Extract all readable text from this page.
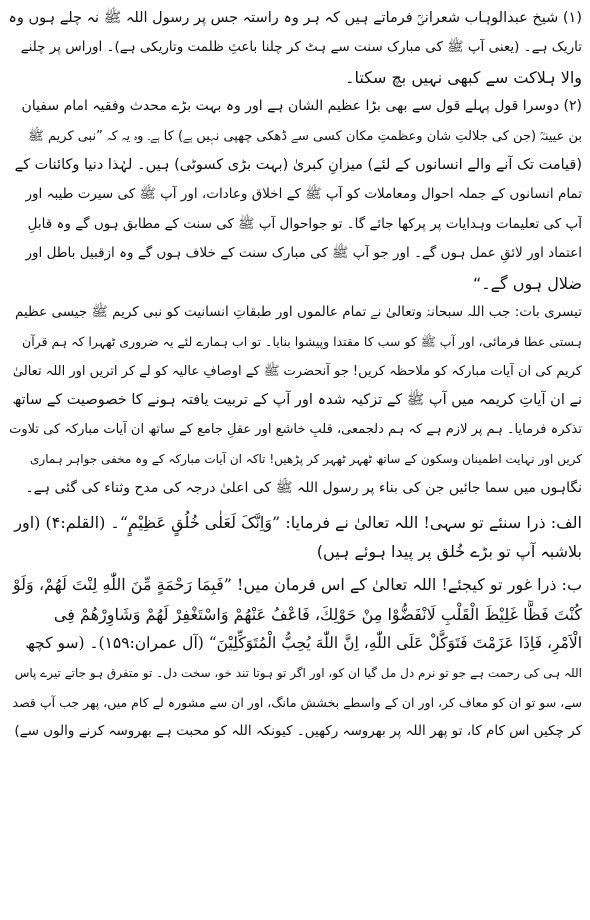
(۱) شیخ عبدالوہاب شعرانیؒ فرماتے ہیں کہ ہر وہ راستہ جس پر رسول اللہ ﷺ نہ چلے ہوں وہ
تاریک ہے۔ (یعنی آپ ﷺ کی مبارک سنت سے ہٹ کر چلنا باعثِ ظلمت وتاریکی ہے)۔ اوراس پر چلنے
والا ہلاکت سے کبھی نہیں بچ سکتا۔
(۲) دوسرا قول پہلے قول سے بھی بڑا عظیم الشان ہے اور وہ بہت بڑے محدث وفقیہ امام سفیان
بن عیینہؒ (جن کی جلالتِ شان وعظمتِ مکان کسی سے ڈھکی چھپی نہیں ہے) کا ہے۔ وہ یہ کہ ”نبی کریم ﷺ
(قیامت تک آنے والے انسانوں کے لئے) میزانِ کبریٰ (بہت بڑی کسوٹی) ہیں۔ لہٰذا دنیا وکائنات کے
تمام انسانوں کے جملہ احوال ومعاملات کو آپ ﷺ کے اخلاق وعادات، اور آپ ﷺ کی سیرت طیبہ اور
آپ کی تعلیمات وہدایات پر پرکھا جائے گا۔ تو جواحوال آپ ﷺ کی سنت کے مطابق ہوں گے وہ قابلِ
اعتماد اور لائقِ عمل ہوں گے۔ اور جو آپ ﷺ کی مبارک سنت کے خلاف ہوں گے وہ ازقبیل باطل اور
ضلال ہوں گے۔“
تیسری بات: جب اللہ سبحانہٗ وتعالیٰ نے تمام عالموں اور طبقاتِ انسانیت کو نبی کریم ﷺ جیسی عظیم
ہستی عطا فرمائی، اور آپ ﷺ کو سب کا مقتدا وپیشوا بنایا۔ تو اب ہمارے لئے یہ ضروری ٹھہرا کہ ہم قرآن
کریم کی ان آیات مبارکہ کو ملاحظہ کریں! جو آنحضرت ﷺ کے اوصافِ عالیہ کو لے کر اتریں اور اللہ تعالیٰ
نے ان آیاتِ کریمہ میں آپ ﷺ کے تزکیہ شدہ اور آپ کے تربیت یافتہ ہونے کا خصوصیت کے ساتھ
تذکرہ فرمایا۔ ہم پر لازم ہے کہ ہم دلجمعی، قلبِ خاشع اور عقلِ جامع کے ساتھ ان آیات مبارکہ کی تلاوت
کریں اور نہایت اطمینان وسکون کے ساتھ ٹھہر ٹھہر کر پڑھیں! تاکہ ان آیات مبارکہ کے وہ مخفی جواہر ہماری
نگاہوں میں سما جائیں جن کی بناء پر رسول اللہ ﷺ کی اعلیٰ درجہ کی مدح وثناء کی گئی ہے۔
الف: ذرا سنئے تو سہی! اللہ تعالیٰ نے فرمایا: ”وَاِنَّکَ لَعَلٰی خُلُقٍ عَظِیْمٍ“۔ (القلم:۴) (اور
بلاشبہ آپ تو بڑے خُلق پر پیدا ہوئے ہیں)
ب: ذرا غور تو کیجئے! اللہ تعالیٰ کے اس فرمان میں! ”فَبِمَا رَحْمَةٍ مِّنَ اللّٰهِ لِنْتَ لَهُمْ، وَلَوْ
کُنْتَ فَظًّا غَلِيْظَ الْقَلْبِ لَانْفَضُّوْا مِنْ حَوْلِكَ، فَاعْفُ عَنْهُمْ وَاسْتَغْفِرْ لَهُمْ وَشَاوِرْهُمْ فِی
الْاَمْرِ، فَاِذَا عَزَمْتَ فَتَوَكَّلْ عَلَى اللّٰهِ، اِنَّ اللّٰهَ يُحِبُّ الْمُتَوَكِّلِيْنَ“ (آل عمران:۱۵۹)۔ (سو کچھ
اللہ ہی کی رحمت ہے جو تو نرم دل مل گیا ان کو، اور اگر تو ہوتا تند خو، سخت دل۔ تو متفرق ہو جاتے تیرے پاس
سے، سو تو ان کو معاف کر، اور ان کے واسطے بخشش مانگ، اور ان سے مشورہ لے کام میں، پھر جب آپ قصد
کر چکیں اس کام کا، تو پھر اللہ پر بھروسہ رکھیں۔ کیونکہ اللہ کو محبت ہے بھروسہ کرنے والوں سے)
